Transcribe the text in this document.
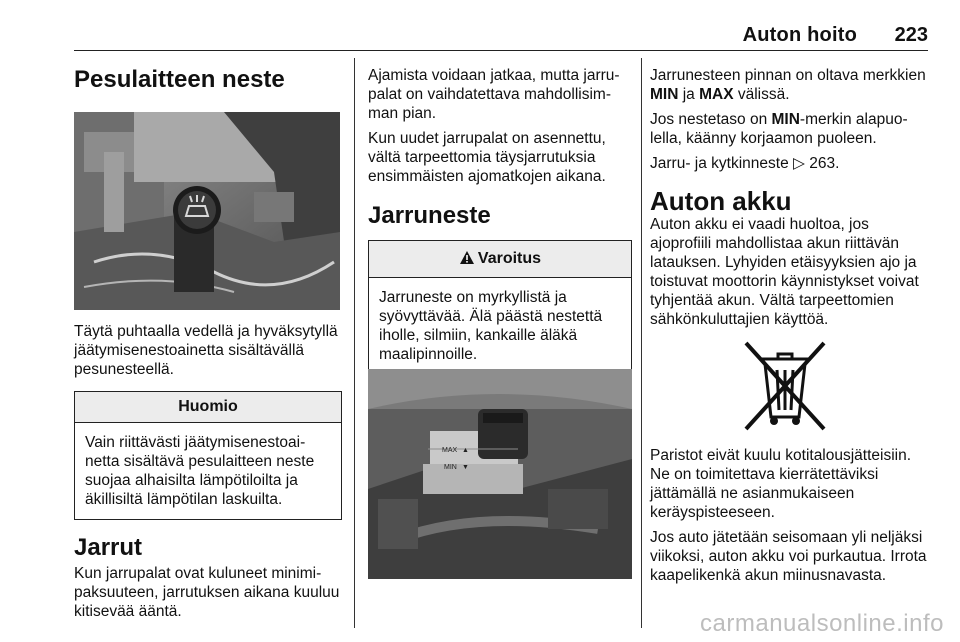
Auton hoito 223
Pesulaitteen neste

Täytä puhtaalla vedellä ja hyväksytyllä jäätymisenestoainetta sisältävällä pesunesteellä.

Huomio
Vain riittävästi jäätymisenestoainetta sisältävä pesulaitteen neste suojaa alhaisilta lämpötiloilta ja äkillisiltä lämpötilan laskuilta.
Jarrut

Kun jarrupalat ovat kuluneet minimipaksuuteen, jarrutuksen aikana kuuluu kitisevää ääntä.

Ajamista voidaan jatkaa, mutta jarrupalat on vaihdatettava mahdollisimman pian.

Kun uudet jarrupalat on asennettu, vältä tarpeettomia täysjarrutuksia ensimmäisten ajomatkojen aikana.

Jarruneste
Varoitus
Jarruneste on myrkyllistä ja syövyttävää. Älä päästä nestettä iholle, silmiin, kankaille äläkä maalipinnoille.
MAX ▲
MIN ▼

Jarrunesteen pinnan on oltava merkkien MIN ja MAX välissä.

Jos nestetaso on MIN-merkin alapuolella, käänny korjaamon puoleen.

Jarru- ja kytkinneste ▷ 263.

Auton akku

Auton akku ei vaadi huoltoa, jos ajoprofiili mahdollistaa akun riittävän latauksen. Lyhyiden etäisyyksien ajo ja toistuvat moottorin käynnistykset voivat tyhjentää akun. Vältä tarpeettomien sähkönkuluttajien käyttöä.

Paristot eivät kuulu kotitalousjätteisiin. Ne on toimitettava kierrätettäviksi jättämällä ne asianmukaiseen keräyspisteeseen.

Jos auto jätetään seisomaan yli neljäksi viikoksi, auton akku voi purkautua. Irrota kaapelikenkä akun miinusnavasta.

carmanualsonline.info
